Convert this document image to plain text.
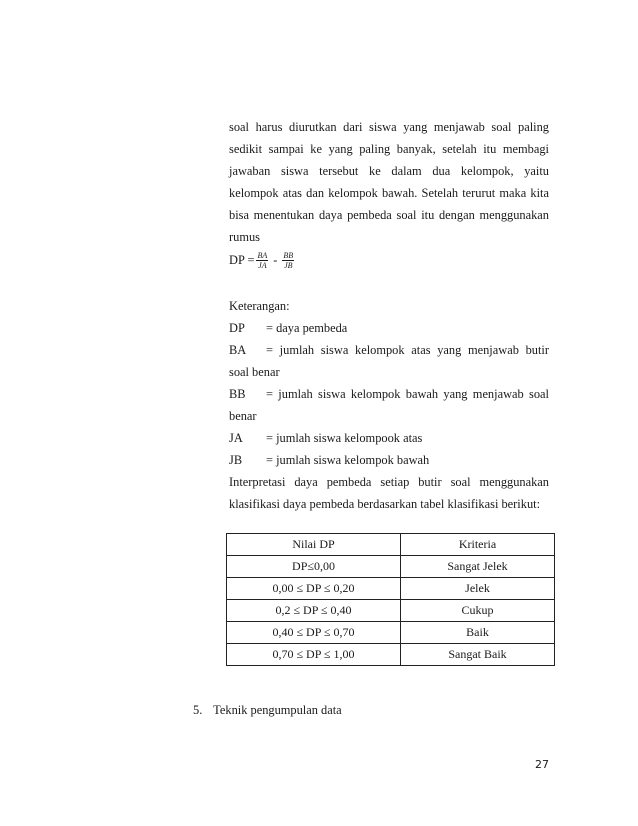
soal harus diurutkan dari siswa yang menjawab soal paling
sedikit sampai ke yang paling banyak, setelah itu membagi
jawaban siswa tersebut ke dalam dua kelompok, yaitu
kelompok atas dan kelompok bawah. Setelah terurut maka kita
bisa menentukan daya pembeda soal itu dengan menggunakan
rumus
DP = $\frac{BA}{JA} - \frac{BB}{JB}$
Keterangan:
DP	= daya pembeda
BA	= jumlah siswa kelompok atas yang menjawab butir
soal benar
BB	= jumlah siswa kelompok bawah yang menjawab soal
benar
JA	= jumlah siswa kelompook atas
JB	= jumlah siswa kelompok bawah
Interpretasi daya pembeda setiap butir soal menggunakan
klasifikasi daya pembeda berdasarkan tabel klasifikasi berikut:
Nilai DP	Kriteria
DP≤0,00	Sangat Jelek
0,00 ≤ DP ≤ 0,20	Jelek
0,2 ≤ DP ≤ 0,40	Cukup
0,40 ≤ DP ≤ 0,70	Baik
0,70 ≤ DP ≤ 1,00	Sangat Baik
5. Teknik pengumpulan data
27
